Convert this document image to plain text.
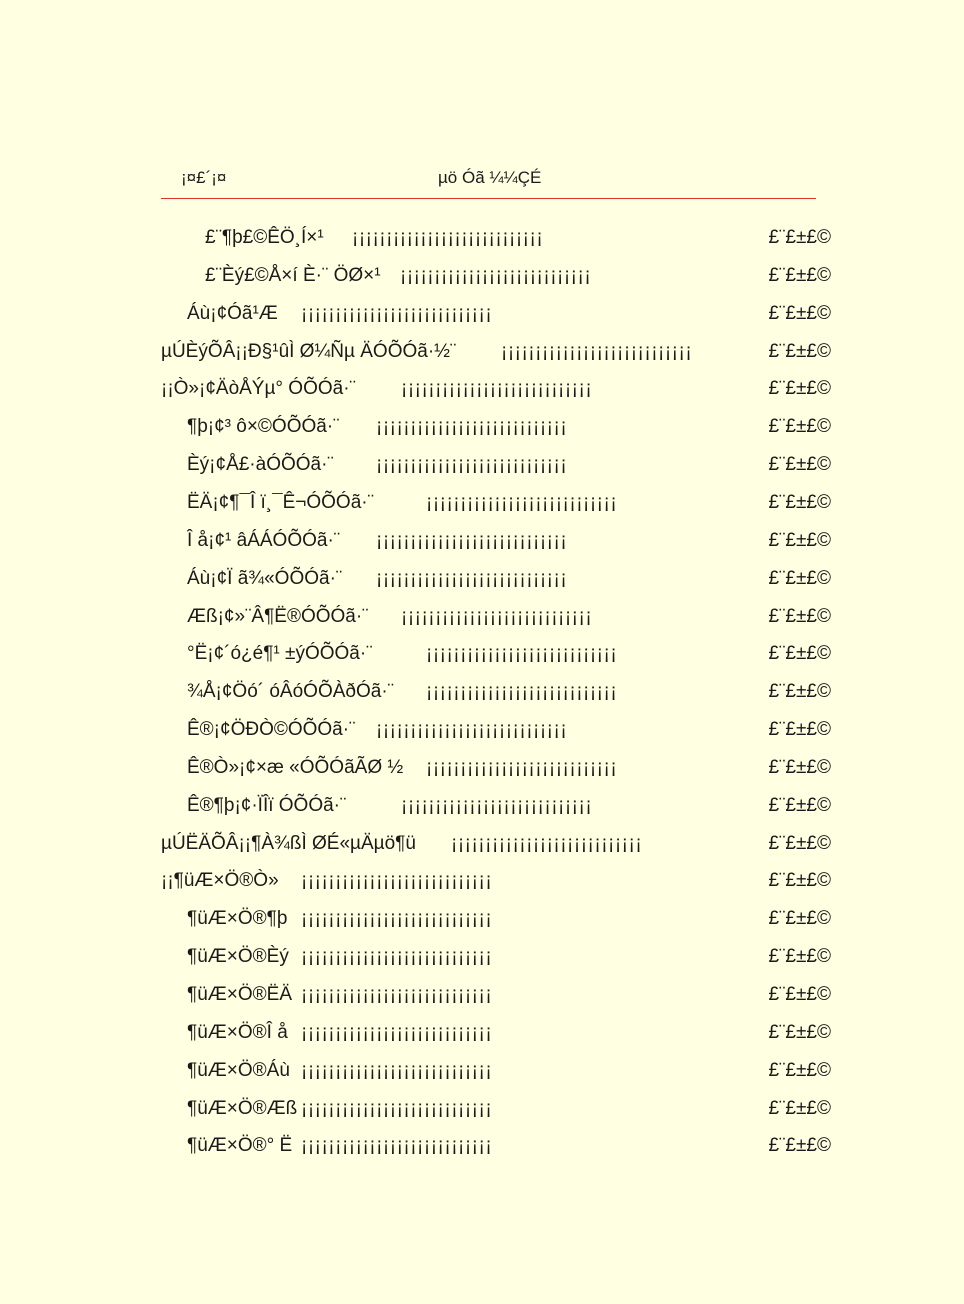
¡¤£´¡¤	µö Óã ¼¼ÇÉ
£¨¶þ£©ÊÖ¸Í×¹ ¡¡¡¡¡¡¡¡¡¡¡¡¡¡¡¡¡¡¡¡¡¡¡¡¡¡¡¡	£¨£±£©
£¨Èý£©Å×í È·¨ ÖØ×¹ ¡¡¡¡¡¡¡¡¡¡¡¡¡¡¡¡¡¡¡¡¡¡¡¡¡¡¡¡	£¨£±£©
Áù¡¢Óã¹Æ ¡¡¡¡¡¡¡¡¡¡¡¡¡¡¡¡¡¡¡¡¡¡¡¡¡¡¡¡	£¨£±£©
µÚÈýÕÂ¡¡Ð§¹ûÌ Ø¼Ñµ ÄÓÕÓã·½¨ ¡¡¡¡¡¡¡¡¡¡¡¡¡¡¡¡¡¡¡¡¡¡¡¡¡¡¡¡	£¨£±£©
¡¡Ò»¡¢ÄòÅÝµ° ÓÕÓã·¨ ¡¡¡¡¡¡¡¡¡¡¡¡¡¡¡¡¡¡¡¡¡¡¡¡¡¡¡¡	£¨£±£©
¶þ¡¢³ ô×©ÓÕÓã·¨ ¡¡¡¡¡¡¡¡¡¡¡¡¡¡¡¡¡¡¡¡¡¡¡¡¡¡¡¡	£¨£±£©
Èý¡¢Å£·àÓÕÓã·¨ ¡¡¡¡¡¡¡¡¡¡¡¡¡¡¡¡¡¡¡¡¡¡¡¡¡¡¡¡	£¨£±£©
ËÄ¡¢¶¯Î ï¸¯Ê¬ÓÕÓã·¨	¡¡¡¡¡¡¡¡¡¡¡¡¡¡¡¡¡¡¡¡¡¡¡¡¡¡¡¡	£¨£±£©
Î å¡¢¹ âÁÁÓÕÓã·¨ ¡¡¡¡¡¡¡¡¡¡¡¡¡¡¡¡¡¡¡¡¡¡¡¡¡¡¡¡	£¨£±£©
Áù¡¢Ï ã¾«ÓÕÓã·¨ ¡¡¡¡¡¡¡¡¡¡¡¡¡¡¡¡¡¡¡¡¡¡¡¡¡¡¡¡	£¨£±£©
Æß¡¢»¨Â¶Ë®ÓÕÓã·¨ ¡¡¡¡¡¡¡¡¡¡¡¡¡¡¡¡¡¡¡¡¡¡¡¡¡¡¡¡	£¨£±£©
°Ë¡¢´ó¿é¶¹ ±ýÓÕÓã·¨	¡¡¡¡¡¡¡¡¡¡¡¡¡¡¡¡¡¡¡¡¡¡¡¡¡¡¡¡	£¨£±£©
¾Å¡¢Öó´ óÂóÓÕÀðÓã·¨ ¡¡¡¡¡¡¡¡¡¡¡¡¡¡¡¡¡¡¡¡¡¡¡¡¡¡¡¡	£¨£±£©
Ê®¡¢ÖÐÒ©ÓÕÓã·¨ ¡¡¡¡¡¡¡¡¡¡¡¡¡¡¡¡¡¡¡¡¡¡¡¡¡¡¡¡	£¨£±£©
Ê®Ò»¡¢×æ «ÓÕÓãÃØ ½ ¡¡¡¡¡¡¡¡¡¡¡¡¡¡¡¡¡¡¡¡¡¡¡¡¡¡¡¡	£¨£±£©
Ê®¶þ¡¢·ÏÎï ÓÕÓã·¨	¡¡¡¡¡¡¡¡¡¡¡¡¡¡¡¡¡¡¡¡¡¡¡¡¡¡¡¡	£¨£±£©
µÚËÄÕÂ¡¡¶À¾ßÌ ØÉ«µÄµö¶ü ¡¡¡¡¡¡¡¡¡¡¡¡¡¡¡¡¡¡¡¡¡¡¡¡¡¡¡¡	£¨£±£©
¡¡¶üÆ×Ö®Ò» ¡¡¡¡¡¡¡¡¡¡¡¡¡¡¡¡¡¡¡¡¡¡¡¡¡¡¡¡	£¨£±£©
¶üÆ×Ö®¶þ ¡¡¡¡¡¡¡¡¡¡¡¡¡¡¡¡¡¡¡¡¡¡¡¡¡¡¡¡	£¨£±£©
¶üÆ×Ö®Èý ¡¡¡¡¡¡¡¡¡¡¡¡¡¡¡¡¡¡¡¡¡¡¡¡¡¡¡¡	£¨£±£©
¶üÆ×Ö®ËÄ ¡¡¡¡¡¡¡¡¡¡¡¡¡¡¡¡¡¡¡¡¡¡¡¡¡¡¡¡	£¨£±£©
¶üÆ×Ö®Î å ¡¡¡¡¡¡¡¡¡¡¡¡¡¡¡¡¡¡¡¡¡¡¡¡¡¡¡¡	£¨£±£©
¶üÆ×Ö®Áù ¡¡¡¡¡¡¡¡¡¡¡¡¡¡¡¡¡¡¡¡¡¡¡¡¡¡¡¡	£¨£±£©
¶üÆ×Ö®Æß ¡¡¡¡¡¡¡¡¡¡¡¡¡¡¡¡¡¡¡¡¡¡¡¡¡¡¡¡	£¨£±£©
¶üÆ×Ö®° Ë ¡¡¡¡¡¡¡¡¡¡¡¡¡¡¡¡¡¡¡¡¡¡¡¡¡¡¡¡	£¨£±£©
